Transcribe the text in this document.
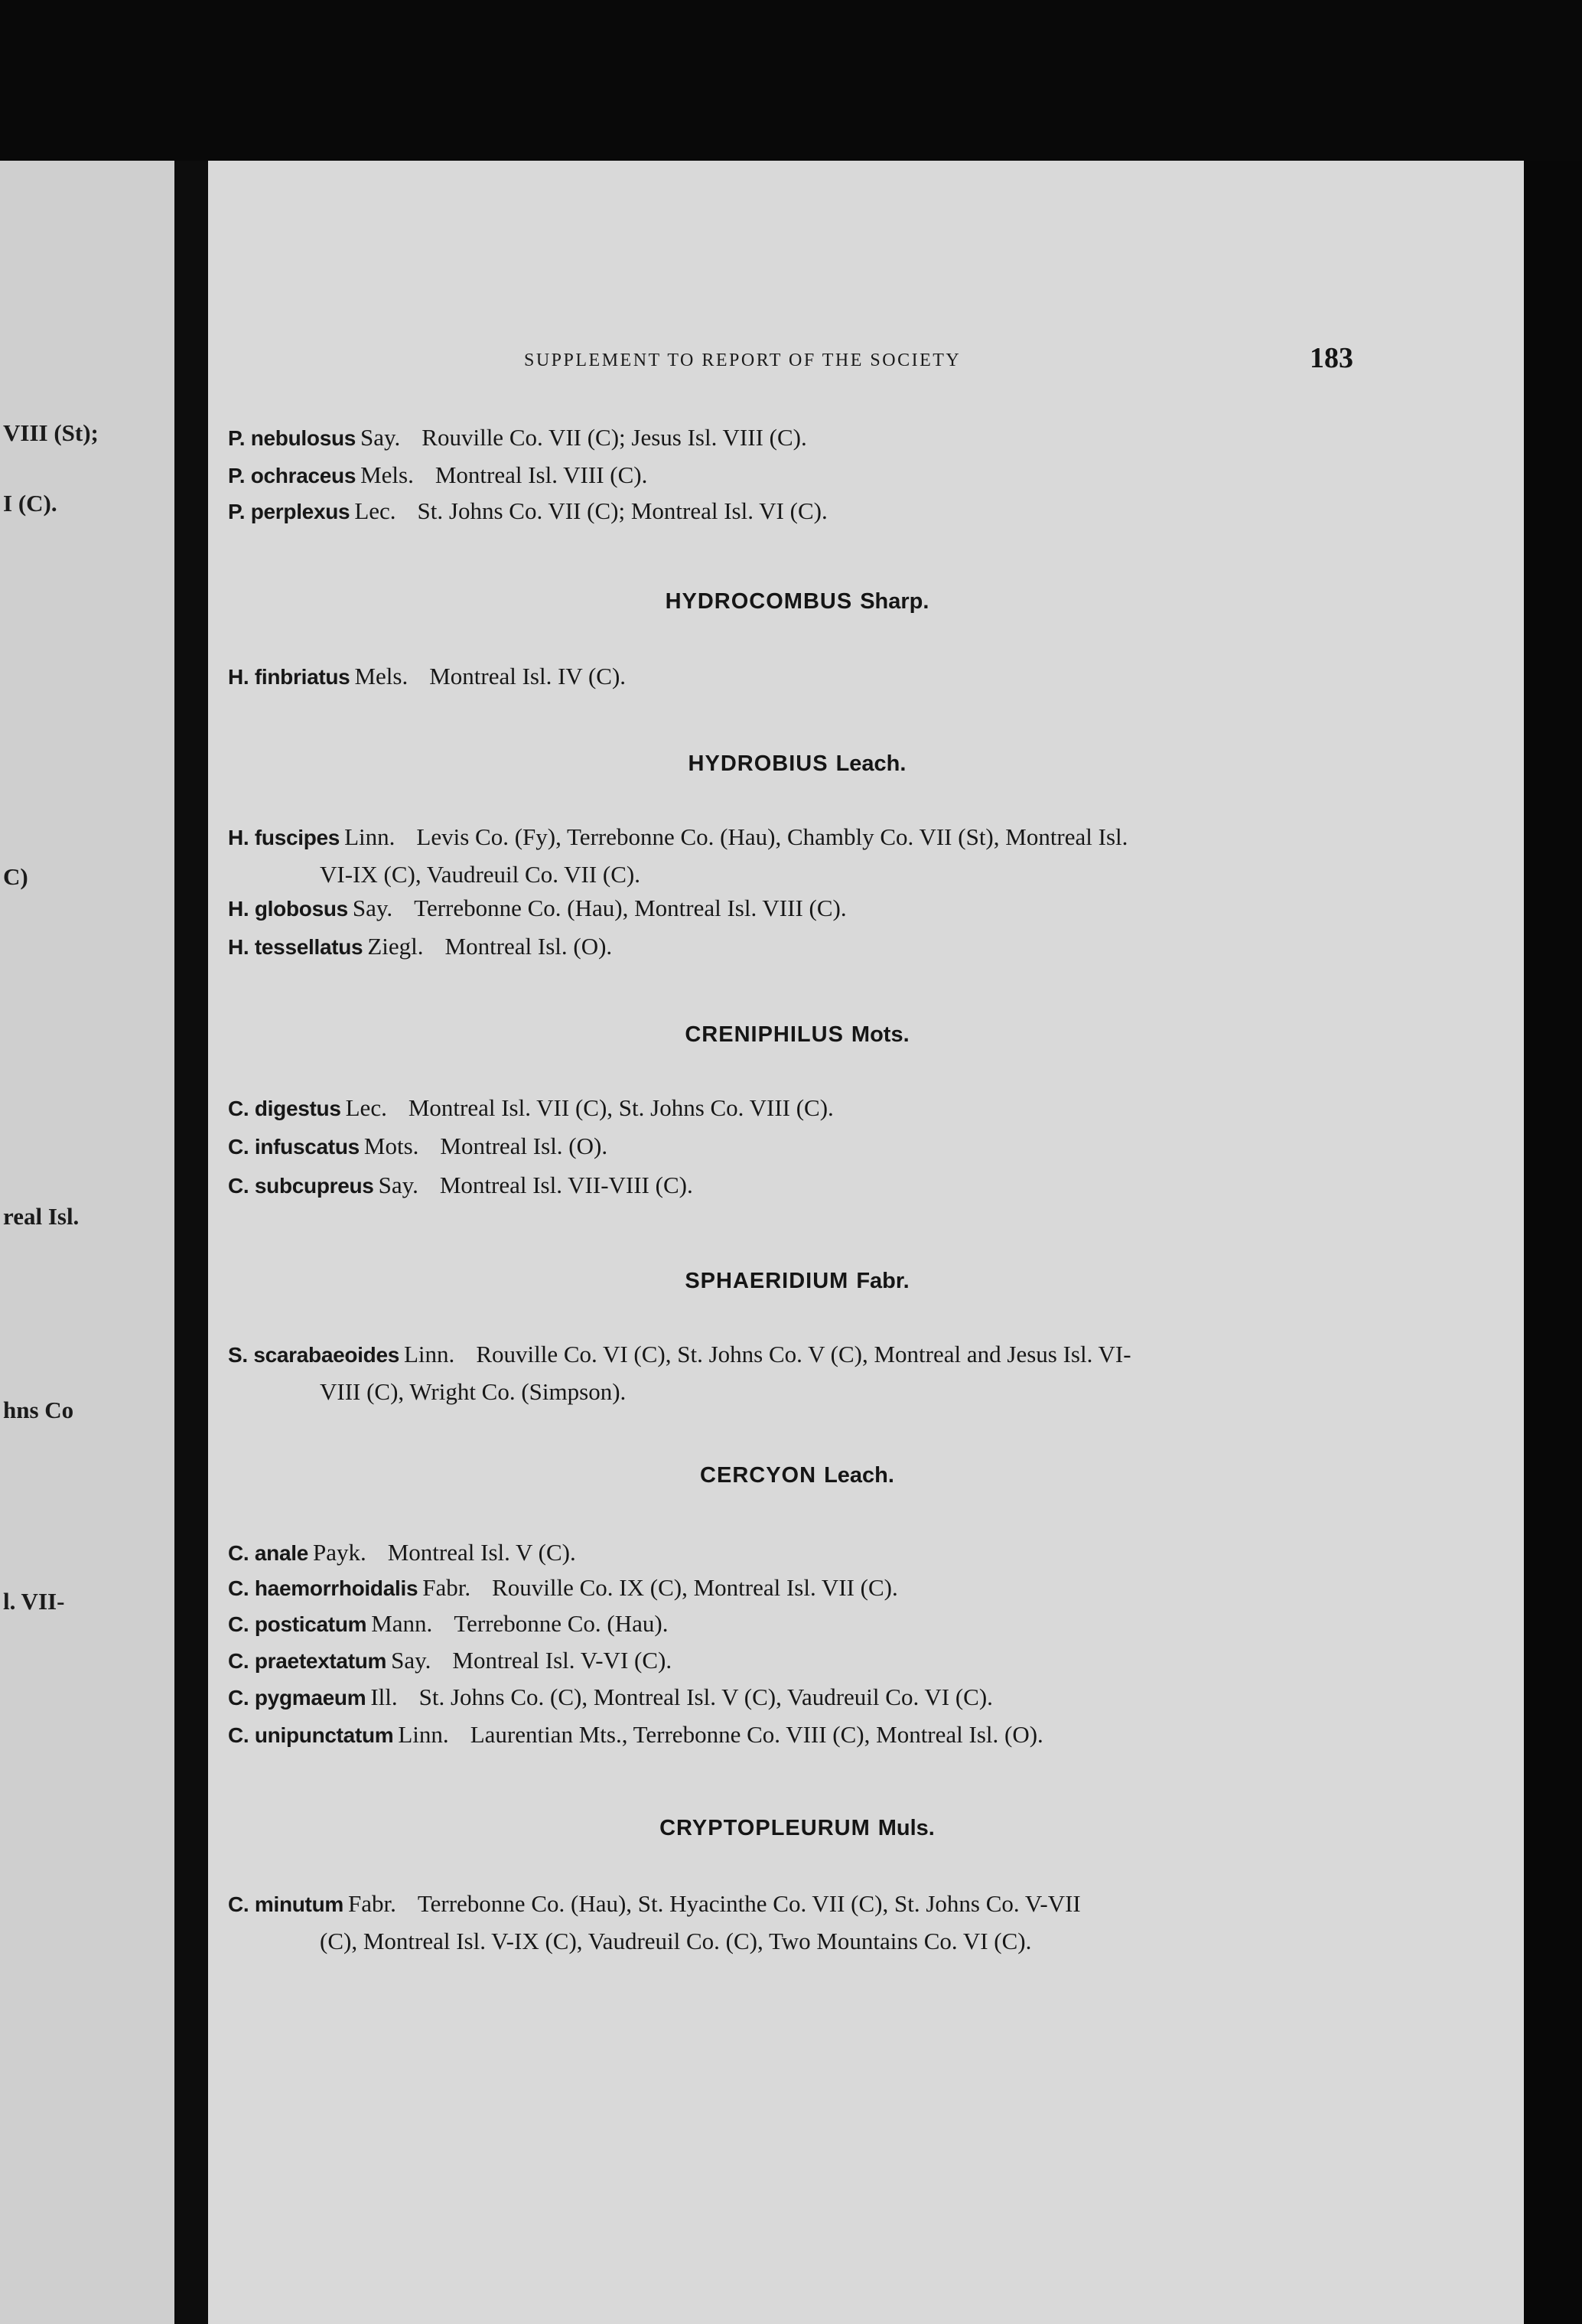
VIII (St);
I (C).
C)
real Isl.
hns Co
l. VII-
SUPPLEMENT TO REPORT OF THE SOCIETY	183
P. nebulosus Say. Rouville Co. VII (C); Jesus Isl. VIII (C).
P. ochraceus Mels. Montreal Isl. VIII (C).
P. perplexus Lec. St. Johns Co. VII (C); Montreal Isl. VI (C).
HYDROCOMBUS Sharp.
H. finbriatus Mels. Montreal Isl. IV (C).
HYDROBIUS Leach.
H. fuscipes Linn. Levis Co. (Fy), Terrebonne Co. (Hau), Chambly Co. VII (St), Montreal Isl.
VI-IX (C), Vaudreuil Co. VII (C).
H. globosus Say. Terrebonne Co. (Hau), Montreal Isl. VIII (C).
H. tessellatus Ziegl. Montreal Isl. (O).
CRENIPHILUS Mots.
C. digestus Lec. Montreal Isl. VII (C), St. Johns Co. VIII (C).
C. infuscatus Mots. Montreal Isl. (O).
C. subcupreus Say. Montreal Isl. VII-VIII (C).
SPHAERIDIUM Fabr.
S. scarabaeoides Linn. Rouville Co. VI (C), St. Johns Co. V (C), Montreal and Jesus Isl. VI-
VIII (C), Wright Co. (Simpson).
CERCYON Leach.
C. anale Payk. Montreal Isl. V (C).
C. haemorrhoidalis Fabr. Rouville Co. IX (C), Montreal Isl. VII (C).
C. posticatum Mann. Terrebonne Co. (Hau).
C. praetextatum Say. Montreal Isl. V-VI (C).
C. pygmaeum Ill. St. Johns Co. (C), Montreal Isl. V (C), Vaudreuil Co. VI (C).
C. unipunctatum Linn. Laurentian Mts., Terrebonne Co. VIII (C), Montreal Isl. (O).
CRYPTOPLEURUM Muls.
C. minutum Fabr. Terrebonne Co. (Hau), St. Hyacinthe Co. VII (C), St. Johns Co. V-VII
(C), Montreal Isl. V-IX (C), Vaudreuil Co. (C), Two Mountains Co. VI (C).
